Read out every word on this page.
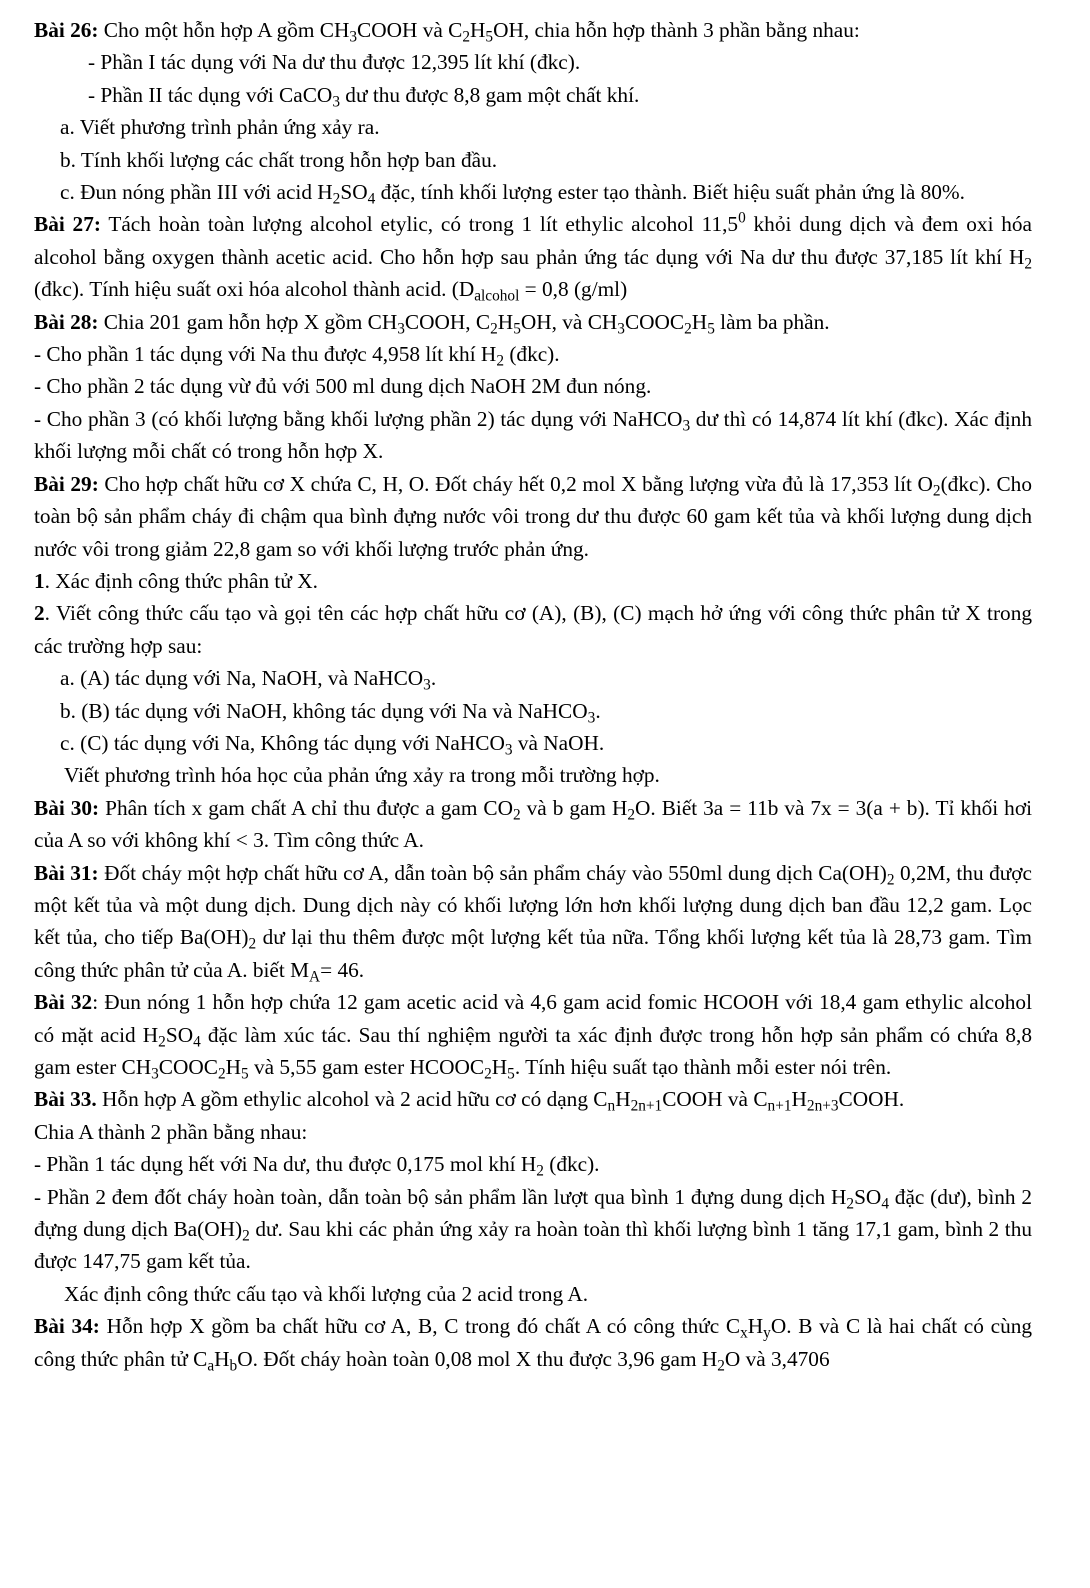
Bài 26: Cho một hỗn hợp A gồm $CH_3COOH$ và $C_2H_5OH$, chia hỗn hợp thành 3 phần bằng nhau:

- Phần I tác dụng với Na dư thu được 12,395 lít khí (đkc).

- Phần II tác dụng với CaCO$_3$ dư thu được 8,8 gam một chất khí.

a. Viết phương trình phản ứng xảy ra.

b. Tính khối lượng các chất trong hỗn hợp ban đầu.

c. Đun nóng phần III với acid $H_2SO_4$ đặc, tính khối lượng ester tạo thành. Biết hiệu suất phản ứng là 80%.

Bài 27: Tách hoàn toàn lượng alcohol etylic, có trong 1 lít ethylic alcohol 11,5$^0$ khỏi dung dịch và đem oxi hóa alcohol bằng oxygen thành acetic acid. Cho hỗn hợp sau phản ứng tác dụng với Na dư thu được 37,185 lít khí $H_2$ (đkc). Tính hiệu suất oxi hóa alcohol thành acid. ($D_{alcohol} = 0,8$ (g/ml)

Bài 28: Chia 201 gam hỗn hợp X gồm $CH_3COOH$, $C_2H_5OH$, và $CH_3COOC_2H_5$ làm ba phần.

- Cho phần 1 tác dụng với Na thu được 4,958 lít khí $H_2$ (đkc).

- Cho phần 2 tác dụng vừ đủ với 500 ml dung dịch NaOH 2M đun nóng.

- Cho phần 3 (có khối lượng bằng khối lượng phần 2) tác dụng với NaHCO$_3$ dư thì có 14,874 lít khí (đkc). Xác định khối lượng mỗi chất có trong hỗn hợp X.

Bài 29: Cho hợp chất hữu cơ X chứa C, H, O. Đốt cháy hết 0,2 mol X bằng lượng vừa đủ là 17,353 lít $O_2(đkc)$. Cho toàn bộ sản phẩm cháy đi chậm qua bình đựng nước vôi trong dư thu được 60 gam kết tủa và khối lượng dung dịch nước vôi trong giảm 22,8 gam so với khối lượng trước phản ứng.

1. Xác định công thức phân tử X.

2. Viết công thức cấu tạo và gọi tên các hợp chất hữu cơ (A), (B), (C) mạch hở ứng với công thức phân tử X trong các trường hợp sau:

a. (A) tác dụng với Na, NaOH, và NaHCO$_3$.

b. (B) tác dụng với NaOH, không tác dụng với Na và NaHCO$_3$.

c. (C) tác dụng với Na, Không tác dụng với NaHCO$_3$ và NaOH.

Viết phương trình hóa học của phản ứng xảy ra trong mỗi trường hợp.

Bài 30: Phân tích x gam chất A chỉ thu được a gam $CO_2$ và b gam $H_2O$. Biết 3a = 11b và 7x = 3(a + b). Tỉ khối hơi của A so với không khí < 3. Tìm công thức A.

Bài 31: Đốt cháy một hợp chất hữu cơ A, dẫn toàn bộ sản phẩm cháy vào 550ml dung dịch $Ca(OH)_2$ 0,2M, thu được một kết tủa và một dung dịch. Dung dịch này có khối lượng lớn hơn khối lượng dung dịch ban đầu 12,2 gam. Lọc kết tủa, cho tiếp $Ba(OH)_2$ dư lại thu thêm được một lượng kết tủa nữa. Tổng khối lượng kết tủa là 28,73 gam. Tìm công thức phân tử của A. biết $M_A= 46$.

Bài 32: Đun nóng 1 hỗn hợp chứa 12 gam acetic acid và 4,6 gam acid fomic HCOOH với 18,4 gam ethylic alcohol có mặt acid $H_2SO_4$ đặc làm xúc tác. Sau thí nghiệm người ta xác định được trong hỗn hợp sản phẩm có chứa 8,8 gam ester $CH_3COOC_2H_5$ và 5,55 gam ester $HCOOC_2H_5$. Tính hiệu suất tạo thành mỗi ester nói trên.

Bài 33. Hỗn hợp A gồm ethylic alcohol và 2 acid hữu cơ có dạng $C_nH_{2n+1}COOH$ và $C_{n+1}H_{2n+3}COOH$.

Chia A thành 2 phần bằng nhau:

- Phần 1 tác dụng hết với Na dư, thu được 0,175 mol khí $H_2$ (đkc).

- Phần 2 đem đốt cháy hoàn toàn, dẫn toàn bộ sản phẩm lần lượt qua bình 1 đựng dung dịch $H_2SO_4$ đặc (dư), bình 2 đựng dung dịch $Ba(OH)_2$ dư. Sau khi các phản ứng xảy ra hoàn toàn thì khối lượng bình 1 tăng 17,1 gam, bình 2 thu được 147,75 gam kết tủa.

Xác định công thức cấu tạo và khối lượng của 2 acid trong A.

Bài 34: Hỗn hợp X gồm ba chất hữu cơ A, B, C trong đó chất A có công thức $C_xH_yO$. B và C là hai chất có cùng công thức phân tử $C_aH_bO$. Đốt cháy hoàn toàn 0,08 mol X thu được 3,96 gam $H_2O$ và 3,4706
